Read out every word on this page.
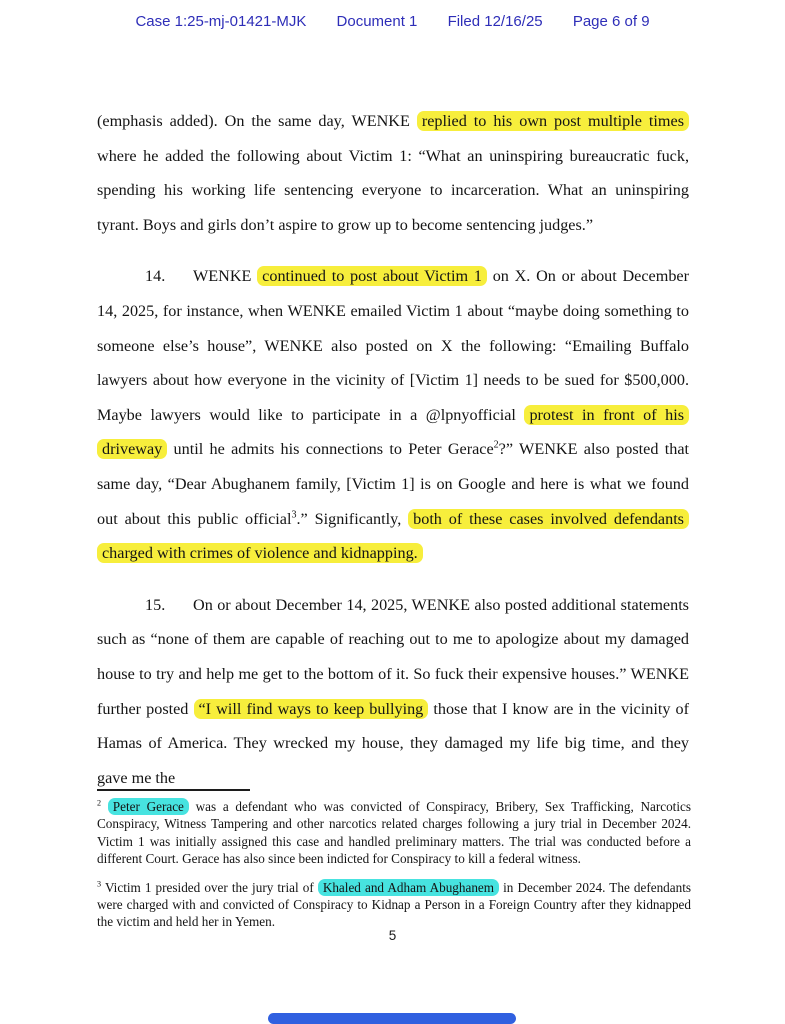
Case 1:25-mj-01421-MJK Document 1 Filed 12/16/25 Page 6 of 9

(emphasis added). On the same day, WENKE replied to his own post multiple times where he added the following about Victim 1: “What an uninspiring bureaucratic fuck, spending his working life sentencing everyone to incarceration. What an uninspiring tyrant. Boys and girls don’t aspire to grow up to become sentencing judges.”

14. WENKE continued to post about Victim 1 on X. On or about December 14, 2025, for instance, when WENKE emailed Victim 1 about “maybe doing something to someone else’s house”, WENKE also posted on X the following: “Emailing Buffalo lawyers about how everyone in the vicinity of [Victim 1] needs to be sued for $500,000. Maybe lawyers would like to participate in a @lpnyofficial protest in front of his driveway until he admits his connections to Peter Gerace$^2$?” WENKE also posted that same day, “Dear Abughanem family, [Victim 1] is on Google and here is what we found out about this public official$^3$.” Significantly, both of these cases involved defendants charged with crimes of violence and kidnapping.

15. On or about December 14, 2025, WENKE also posted additional statements such as “none of them are capable of reaching out to me to apologize about my damaged house to try and help me get to the bottom of it. So fuck their expensive houses.” WENKE further posted “I will find ways to keep bullying those that I know are in the vicinity of Hamas of America. They wrecked my house, they damaged my life big time, and they gave me the

$^2$ Peter Gerace was a defendant who was convicted of Conspiracy, Bribery, Sex Trafficking, Narcotics Conspiracy, Witness Tampering and other narcotics related charges following a jury trial in December 2024. Victim 1 was initially assigned this case and handled preliminary matters. The trial was conducted before a different Court. Gerace has also since been indicted for Conspiracy to kill a federal witness.

$^3$ Victim 1 presided over the jury trial of Khaled and Adham Abughanem in December 2024. The defendants were charged with and convicted of Conspiracy to Kidnap a Person in a Foreign Country after they kidnapped the victim and held her in Yemen.

5
